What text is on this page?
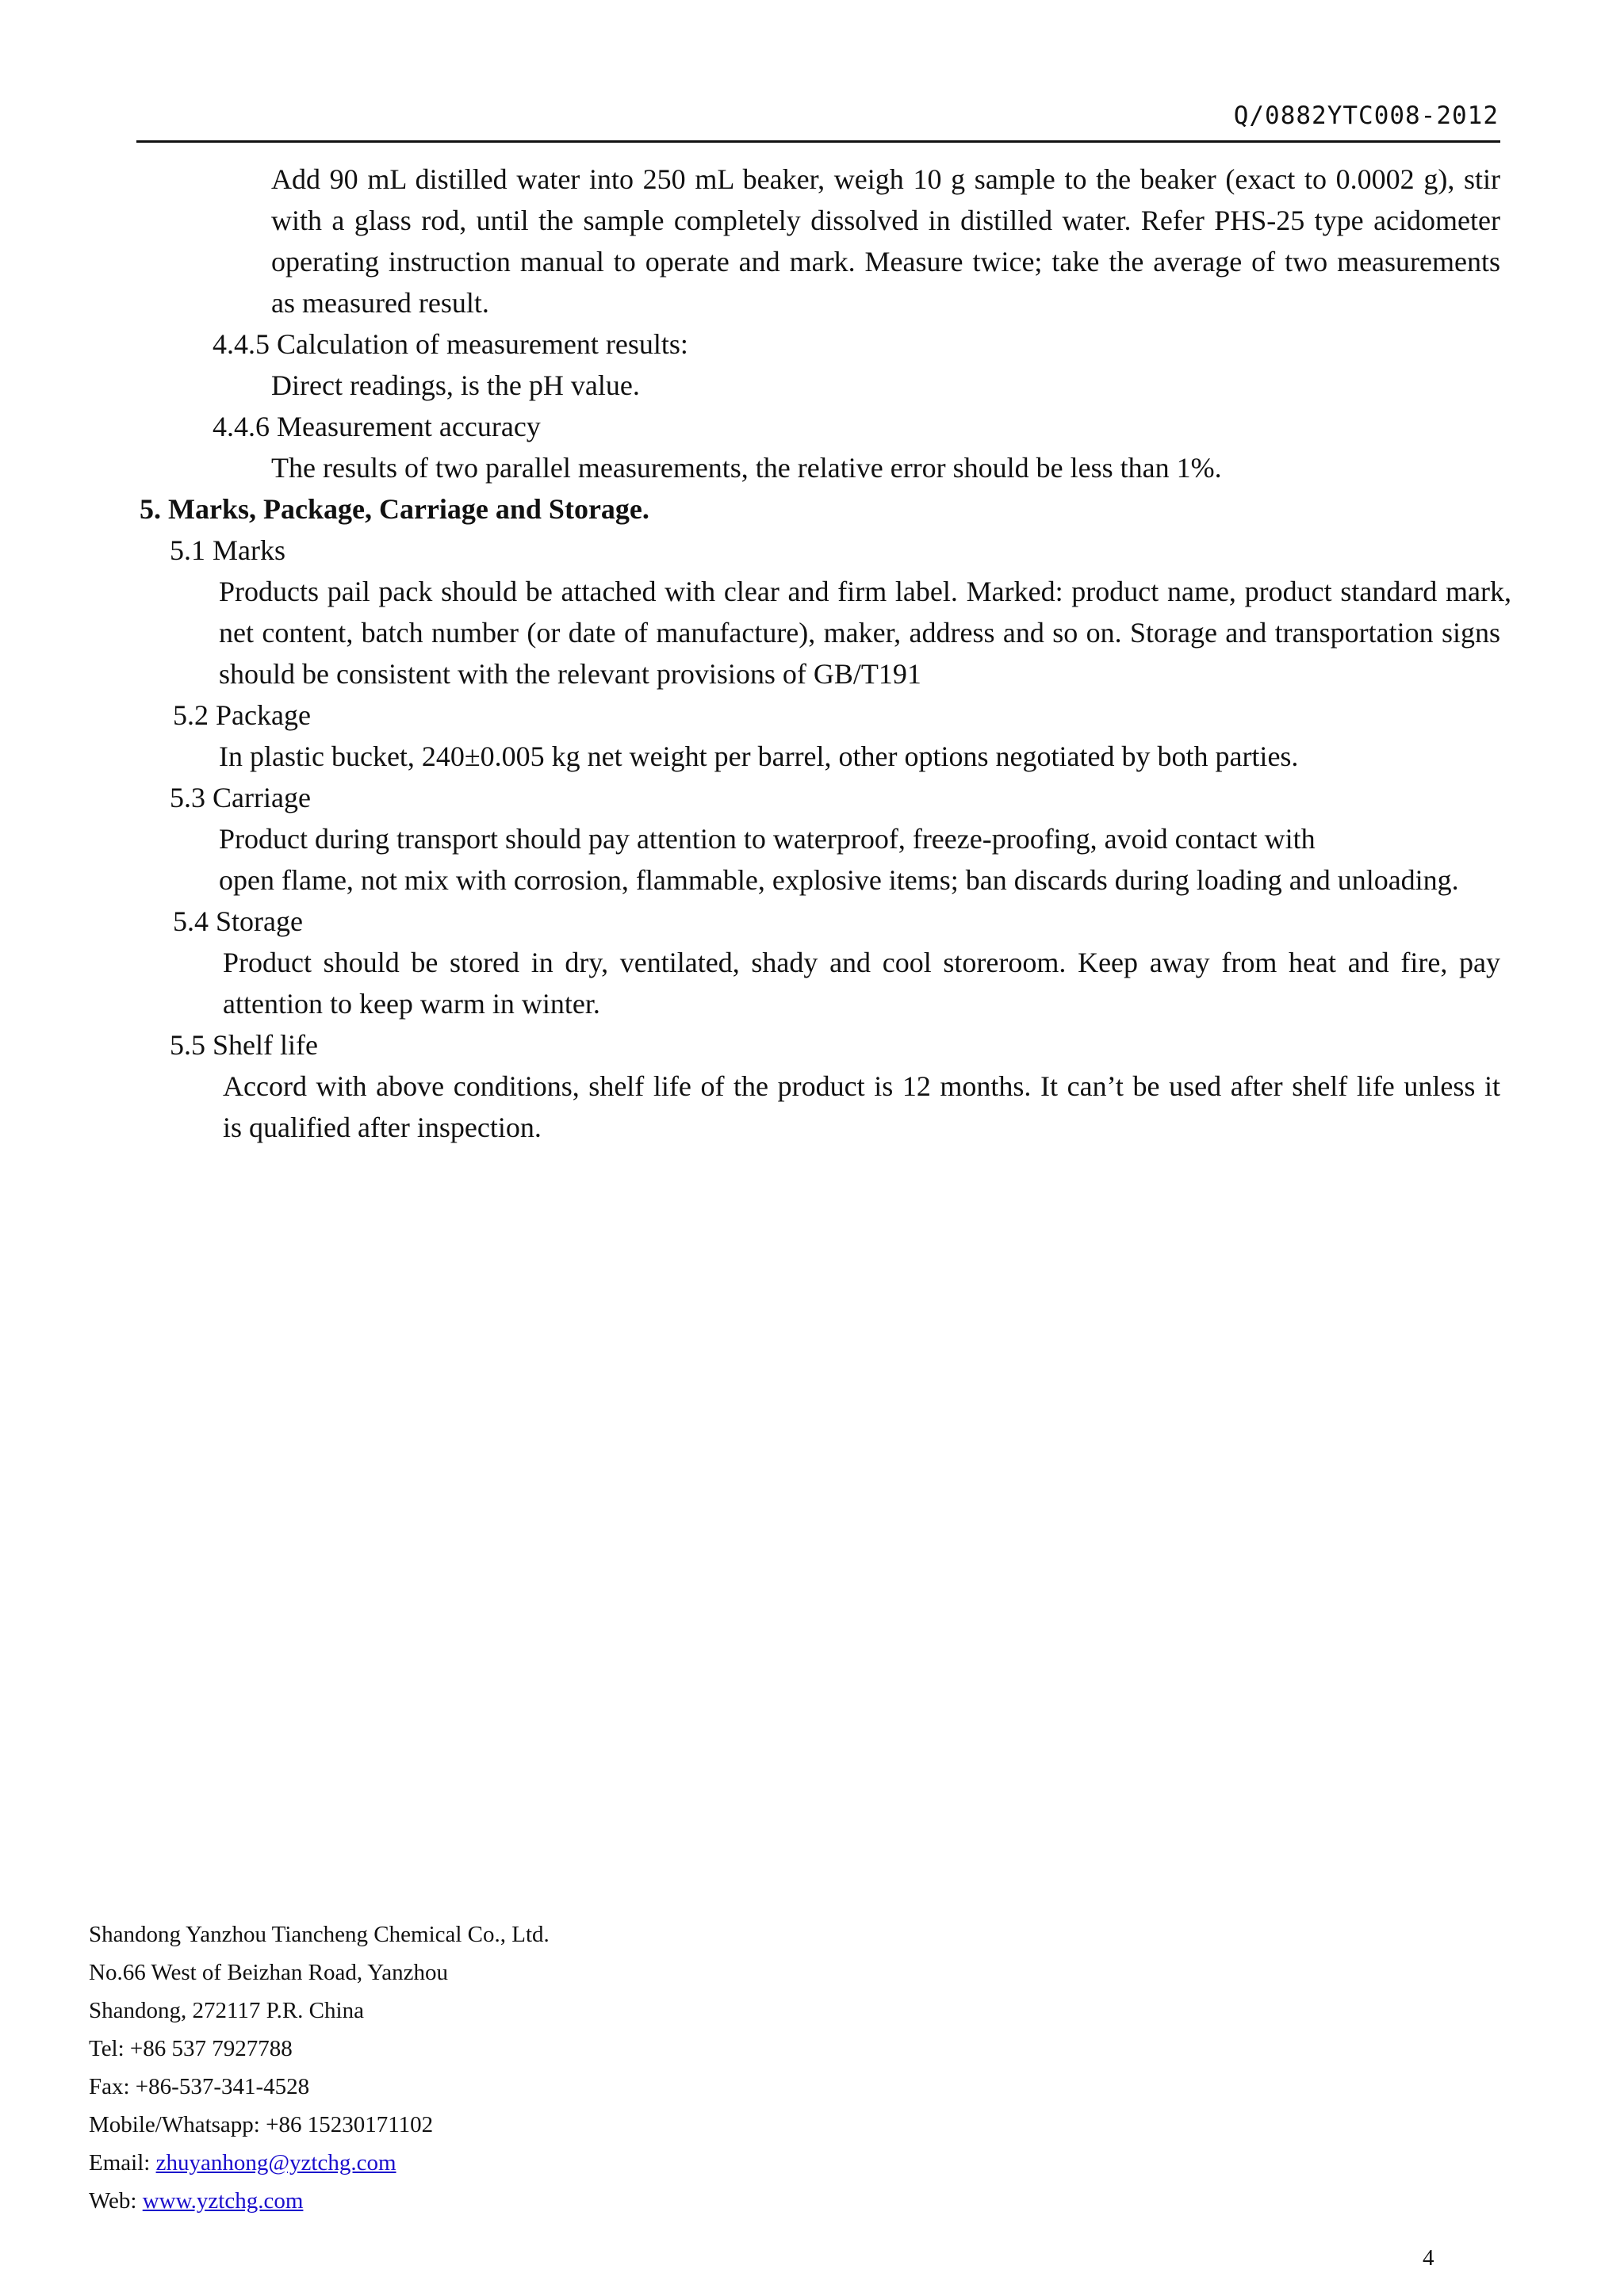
Q/0882YTC008-2012
Add 90 mL distilled water into 250 mL beaker, weigh 10 g sample to the beaker (exact to 0.0002 g), stir
with a glass rod, until the sample completely dissolved in distilled water. Refer PHS-25 type acidometer
operating instruction manual to operate and mark. Measure twice; take the average of two measurements
as measured result.
4.4.5 Calculation of measurement results:
Direct readings, is the pH value.
4.4.6 Measurement accuracy
The results of two parallel measurements, the relative error should be less than 1%.
5. Marks, Package, Carriage and Storage.
5.1 Marks
Products pail pack should be attached with clear and firm label. Marked: product name, product standard mark,
net content, batch number (or date of manufacture), maker, address and so on. Storage and transportation signs
should be consistent with the relevant provisions of GB/T191
5.2 Package
In plastic bucket, 240±0.005 kg net weight per barrel, other options negotiated by both parties.
5.3 Carriage
Product during transport should pay attention to waterproof, freeze-proofing, avoid contact with
open flame, not mix with corrosion, flammable, explosive items; ban discards during loading and unloading.
5.4 Storage
Product should be stored in dry, ventilated, shady and cool storeroom. Keep away from heat and fire, pay
attention to keep warm in winter.
5.5 Shelf life
Accord with above conditions, shelf life of the product is 12 months. It can’t be used after shelf life unless it
is qualified after inspection.
Shandong Yanzhou Tiancheng Chemical Co., Ltd.
No.66 West of Beizhan Road, Yanzhou
Shandong, 272117 P.R. China
Tel: +86 537 7927788
Fax: +86-537-341-4528
Mobile/Whatsapp: +86 15230171102
Email: zhuyanhong@yztchg.com
Web: www.yztchg.com
4
